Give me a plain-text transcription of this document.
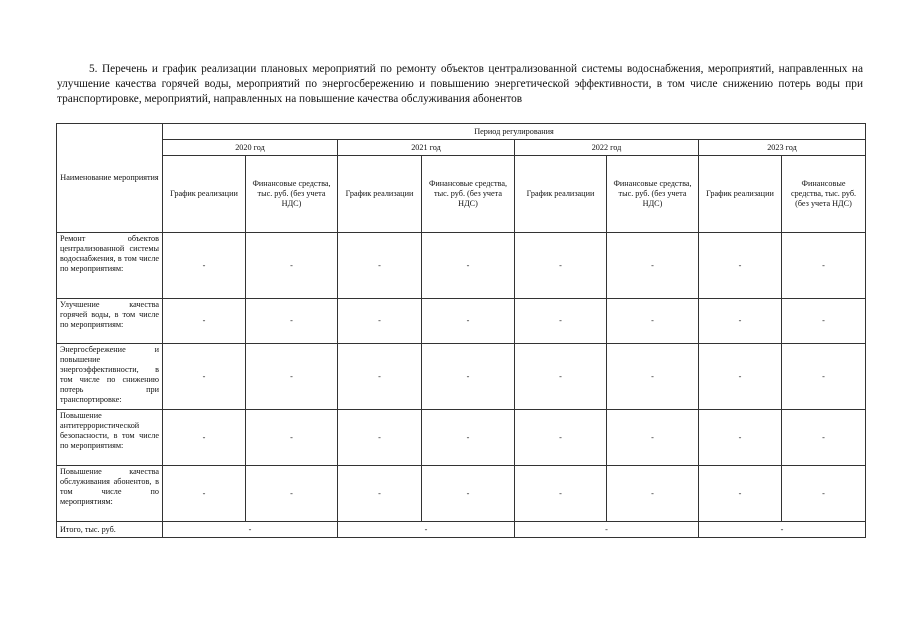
5. Перечень и график реализации плановых мероприятий по ремонту объектов централизованной системы водоснабжения, мероприятий, направленных на улучшение качества горячей воды, мероприятий по энергосбережению и повышению энергетической эффективности, в том числе снижению потерь воды при транспортировке, мероприятий, направленных на повышение качества обслуживания абонентов

Наименование мероприятия	Период регулирования							
	2020 год		2021 год		2022 год		2023 год	
	График реализации	Финансовые средства, тыс. руб. (без учета НДС)	График реализации	Финансовые средства, тыс. руб. (без учета НДС)	График реализации	Финансовые средства, тыс. руб. (без учета НДС)	График реализации	Финансовые средства, тыс. руб. (без учета НДС)
Ремонт объектов централизованной системы водоснабжения, в том числе по мероприятиям:	-	-	-	-	-	-	-	-
Улучшение качества горячей воды, в том числе по мероприятиям:	-	-	-	-	-	-	-	-
Энергосбережение и повышение энергоэффективности, в том числе по снижению потерь при транспортировке:	-	-	-	-	-	-	-	-
Повышение антитеррористической безопасности, в том числе по мероприятиям:	-	-	-	-	-	-	-	-
Повышение качества обслуживания абонентов, в том числе по мероприятиям:	-	-	-	-	-	-	-	-
Итого, тыс. руб.	-		-		-		-	
